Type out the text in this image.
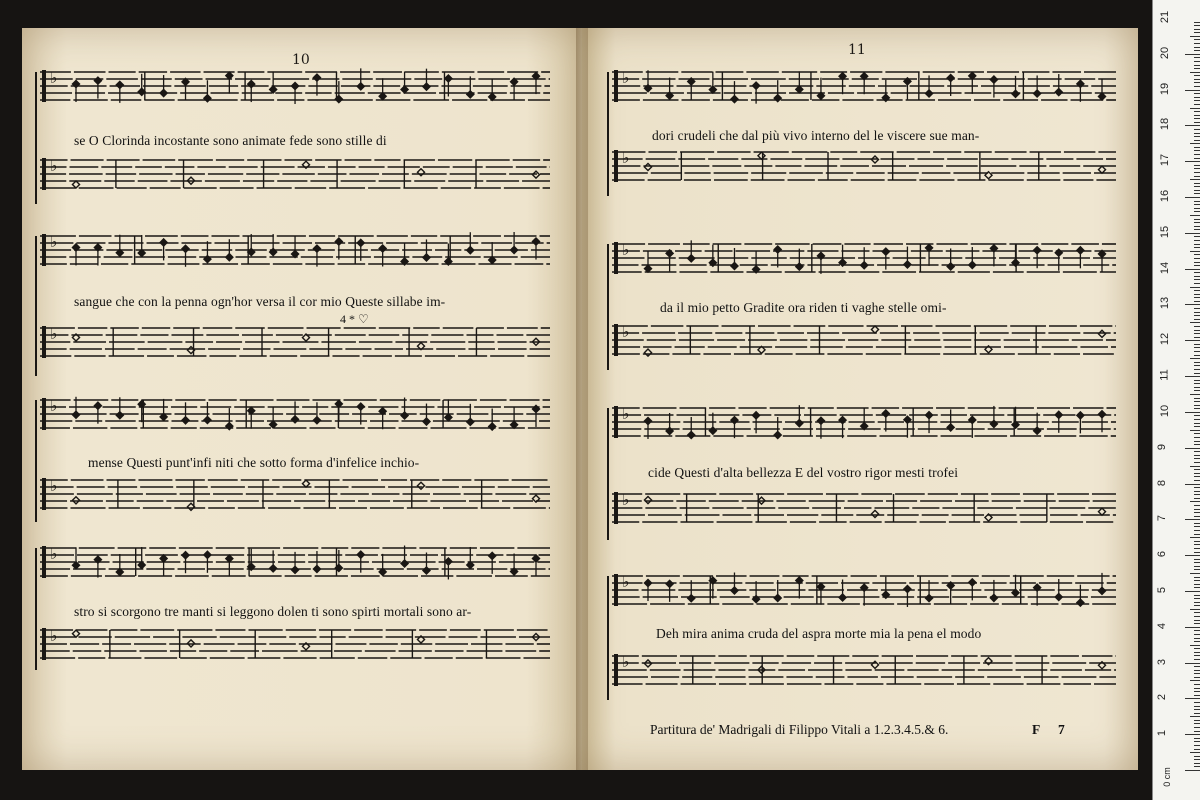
♭
♭
♭
♭
♭
♭
♭
♭
♭
♭
♭
♭
♭
♭
♭
♭
10
11
se O Clorinda incostante sono animate fede sono stille di
sangue che con la penna ogn'hor versa il cor mio Queste sillabe im-
4 * ♡
mense Questi punt'infi niti che sotto forma d'infelice inchio-
stro si scorgono tre manti si leggono dolen ti sono spirti mortali sono ar-
dori crudeli che dal più vivo interno del le viscere sue man-
da il mio petto Gradite ora riden ti vaghe stelle omi-
cide Questi d'alta bellezza E del vostro rigor mesti trofei
Deh mira anima cruda del aspra morte mia la pena el modo
Partitura de' Madrigali di Filippo Vitali a 1.2.3.4.5.& 6.	F 7
0 cm
1
2
3
4
5
6
7
8
9
10
11
12
13
14
15
16
17
18
19
20
21
